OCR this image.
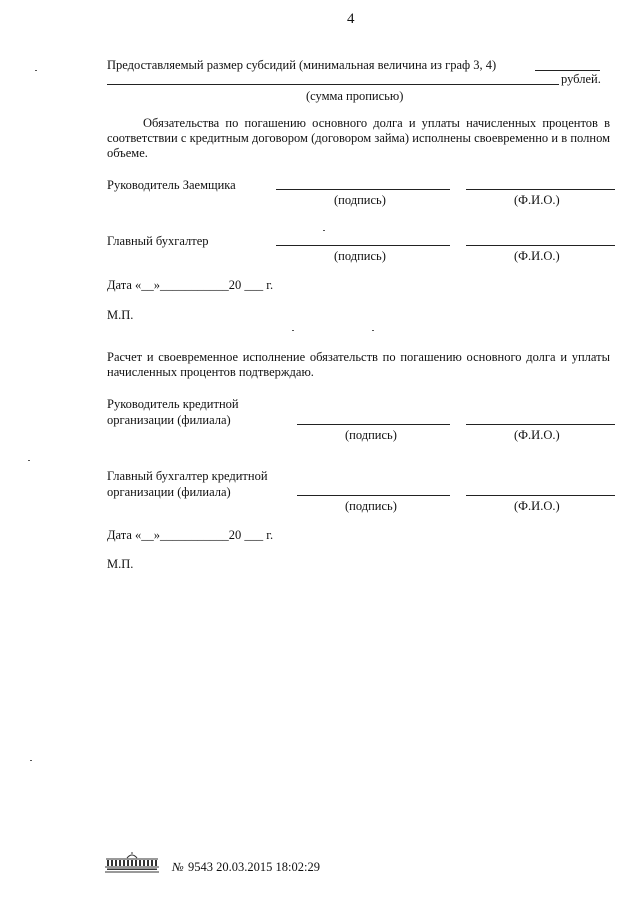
4
Предоставляемый размер субсидий (минимальная величина из граф 3, 4)
рублей.
(сумма прописью)
Обязательства по погашению основного долга и уплаты начисленных процентов в соответствии с кредитным договором (договором займа) исполнены своевременно и в полном объеме.
Руководитель Заемщика
(подпись)	(Ф.И.О.)
Главный бухгалтер
(подпись)	(Ф.И.О.)
Дата «__»___________20 ___ г.
М.П.
Расчет и своевременное исполнение обязательств по погашению основного долга и уплаты начисленных процентов подтверждаю.
Руководитель кредитной
организации (филиала)
(подпись)	(Ф.И.О.)
Главный бухгалтер кредитной
организации (филиала)
(подпись)	(Ф.И.О.)
Дата «__»___________20 ___ г.
М.П.
№ 9543 20.03.2015 18:02:29
